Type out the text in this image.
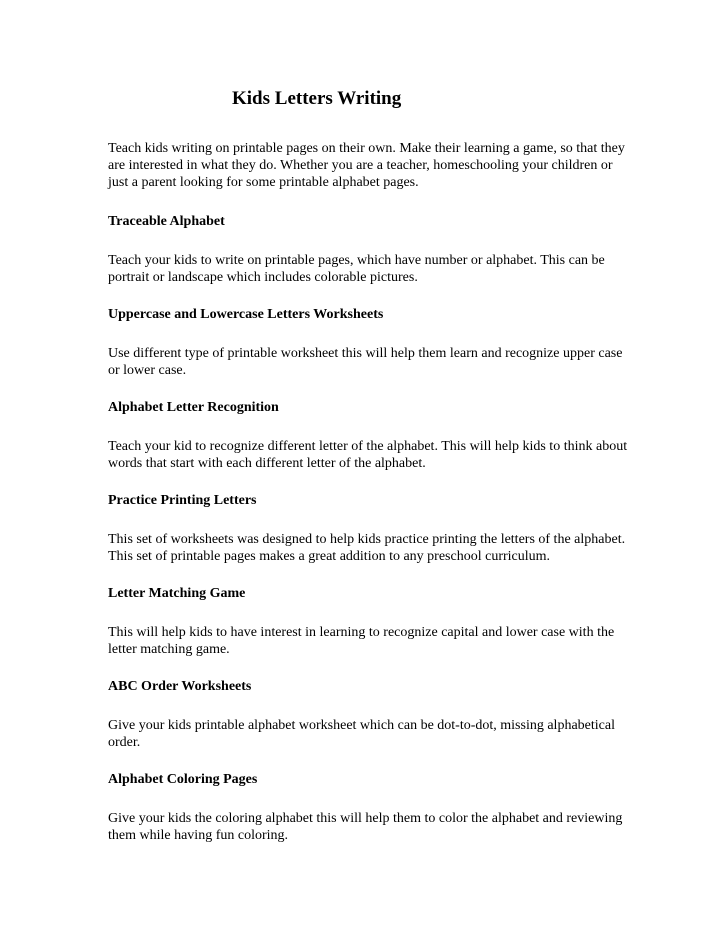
Kids Letters Writing

Teach kids writing on printable pages on their own. Make their learning a game, so that they are interested in what they do. Whether you are a teacher, homeschooling your children or just a parent looking for some printable alphabet pages.

Traceable Alphabet

Teach your kids to write on printable pages, which have number or alphabet. This can be portrait or landscape which includes colorable pictures.

Uppercase and Lowercase Letters Worksheets

Use different type of printable worksheet this will help them learn and recognize upper case or lower case.

Alphabet Letter Recognition

Teach your kid to recognize different letter of the alphabet. This will help kids to think about words that start with each different letter of the alphabet.

Practice Printing Letters

This set of worksheets was designed to help kids practice printing the letters of the alphabet. This set of printable pages makes a great addition to any preschool curriculum.

Letter Matching Game

This will help kids to have interest in learning to recognize capital and lower case with the letter matching game.

ABC Order Worksheets

Give your kids printable alphabet worksheet which can be dot-to-dot, missing alphabetical order.

Alphabet Coloring Pages

Give your kids the coloring alphabet this will help them to color the alphabet and reviewing them while having fun coloring.
